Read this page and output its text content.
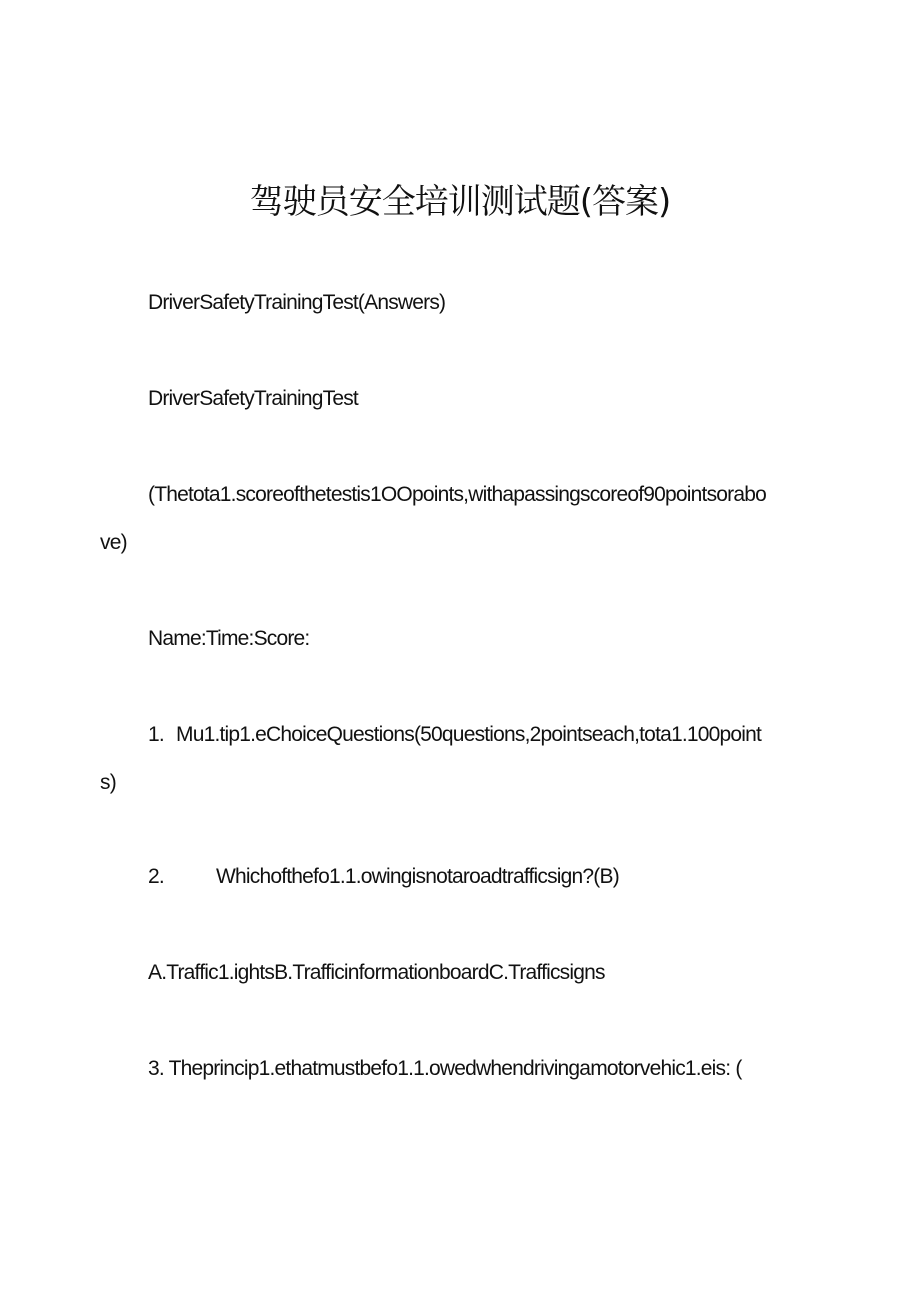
驾驶员安全培训测试题(答案)
DriverSafetyTrainingTest(Answers)
DriverSafetyTrainingTest
(Thetota1.scoreofthetestis1OOpoints,withapassingscoreof90pointsorabo
ve)
Name:Time:Score:
1. Mu1.tip1.eChoiceQuestions(50questions,2pointseach,tota1.100point
s)
2. Whichofthefo1.1.owingisnotaroadtrafficsign?(B)
A.Traffic1.ightsB.TrafficinformationboardC.Trafficsigns
3. Theprincip1.ethatmustbefo1.1.owedwhendrivingamotorvehic1.eis: (
